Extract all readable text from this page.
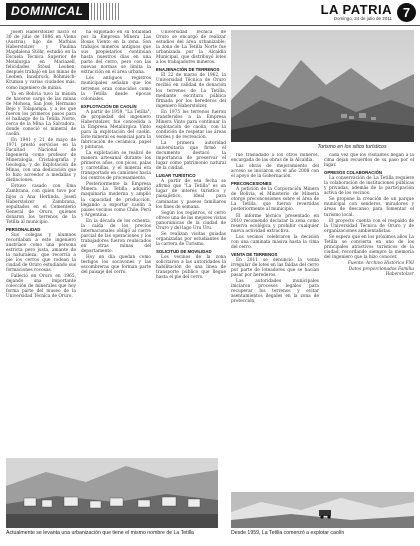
DOMINICAL	LA PATRIA
Domingo, 24 de julio de 2011 7

Josefi Haberstolzer nació el 30 de julio de 1886 en Viena (Austria), hijo de Mathias Haberstolzer y Paulina Magdalena Stöhr, estudió en la Escuela Técnica Superior de Metalurgia en Mariazell, felicidades Stössl Leoben; después trabajó en las minas de Leoben, Innsbruck, Böhmisch-Krumau y varias ciudades más, como ingeniero de minas.

Ya en Bolivia tuvo la misión de hacerse cargo de las minas de Mohosa, San José, Hermano Bejo y Tolapampa, y a los que fueron los primeros pasos para el hallazgo de la Tetilla Norte, cerca de la Mina La Salvadora, donde conoció el mineral de caolín.

En 1941 y 21 de mayo de 1971 prestó servicios en la Facultad Nacional de Ingeniería como profesor de Mineralogía, Cristalografía y Geología; y de Explotación de Minas, con una dedicación que lo hizo acreedor a medallas y distinciones.

Estuvo casado con Ema Zambrana, con quien tuvo por hijos a Ana Herlinda, Josefi Haberstolzer Zambrana, sepultados en el Cementerio General de Oruro, quienes donaron los terrenos de la Tetilla al municipio.

PERSONALIDAD

Sus colegas y alumnos recordaban a este ingeniero austríaco como una persona estricta pero justa, amante de la naturaleza, que recorría a pie los cerros que rodean la ciudad de Oruro estudiando sus formaciones rocosas.

Falleció en Oruro en 1965, dejando una importante colección de minerales que hoy forma parte del museo de la Universidad Técnica de Oruro.

ha explotado en su totalidad por la Empresa Minera Las Rosas Viento en la zona. Son trabajos mineros antiguos que sus propietarios continúan hasta nuestros días en una parte del cerro, pero con las nuevas normas se limita la extracción en el área urbana.

Los antiguos registros municipales señalan que los terrenos eran conocidos como la Tetilla desde épocas coloniales.

EXPLOTACIÓN DE CAOLÍN

A partir de 1959, "La Tetilla", de propiedad del ingeniero Haberstolzer, fue concedida a la Empresa Metalúrgica Vinto para la explotación del caolín. Este mineral es esencial para la fabricación de cerámica, papel y pinturas.

La explotación se realizó de manera artesanal durante los primeros años, con picos, palas y carretillas, y el mineral era transportado en camiones hacia los centros de procesamiento.

Posteriormente la Empresa Minera La Tetilla adquirió maquinaria moderna y amplió la capacidad de producción, llegando a exportar caolín a países vecinos como Chile, Perú y Argentina.

En la década de los ochenta, la caída de los precios internacionales obligó al cierre parcial de las operaciones y los trabajadores fueron reubicados en otras minas del departamento.

Hoy en día quedan como testigos los socavones y las escombreras que forman parte del paisaje del cerro.

Universidad Técnica de Oruro se encargó de realizar estudios del área urbanizable; la zona de La Tetilla Norte fue urbanizada por la Alcaldía Municipal, que distribuyó lotes a los trabajadores mineros.

ENAJENACIÓN DE TERRENOS

El 22 de marzo de 1962, la Universidad Técnica de Oruro recibió en calidad de donación los terrenos de La Tetilla, mediante escritura pública firmada por los herederos del ingeniero Haberstolzer.

En 1975 los terrenos fueron transferidos a la Empresa Minera Vinto para continuar la explotación de caolín, con la condición de respetar las áreas verdes y de recreación.

La primera autoridad universitaria que firmó el documento destacó la importancia de preservar el lugar como patrimonio natural de la ciudad.

LUGAR TURÍSTICO

A partir de esa fecha se afirmó que "La Tetilla" es un lugar de interés turístico y paisajístico, ideal para caminatas y paseos familiares los fines de semana.

Según los registros, el cerro ofrece una de las mejores vistas panorámicas de la ciudad de Oruro y del lago Uru Uru.

Se realizan visitas guiadas organizadas por estudiantes de la carrera de Turismo.

SOLICITUD DE MOVILIDAD

Los vecinos de la zona solicitaron a las autoridades la habilitación de una línea de transporte público que llegue hasta el pie del cerro.

Turismo en los sitios turísticos

fue trasladado a los otros mineros, encargada de las obras de la Alcaldía.

Las obras de mejoramiento del acceso se iniciaron en el año 2008 con el apoyo de la Gobernación.

PRECONCESIONES

A petición de la Corporación Minera de Bolivia, el Ministerio de Minería otorgó preconcesiones sobre el área de La Tetilla, que fueron revertidas posteriormente al municipio.

El informe técnico presentado en 2010 recomendó declarar la zona como reserva ecológica y prohibir cualquier nueva actividad extractiva.

Los vecinos celebraron la decisión con una caminata masiva hasta la cima del cerro.

VENTA DE TERRENOS

En 2011 se denunció la venta irregular de lotes en las faldas del cerro por parte de loteadores que se hacían pasar por herederos.

Las autoridades municipales iniciaron procesos legales para recuperar los terrenos y evitar asentamientos ilegales en la zona de protección.

cada vez que los visitantes llegan a la cima dejan recuerdos de su paso por el lugar.

OPRESOS COLABORACIÓN

La conservación de La Tetilla requiere la colaboración de instituciones públicas y privadas, además de la participación activa de los vecinos.

Se propone la creación de un parque municipal con senderos, miradores y áreas de descanso para fomentar el turismo local.

El proyecto cuenta con el respaldo de la Universidad Técnica de Oruro y de organizaciones ambientalistas.

Se espera que en los próximos años La Tetilla se convierta en uno de los principales atractivos turísticos de la ciudad, recordando siempre la memoria del ingeniero que la hizo conocer.

Fuente: Archivo Histórico FNI

Datos proporcionados Familia Haberstolzer

Actualmente se levanta una urbanización que tiene el mismo nombre de La Tetilla	Desde 1959, La Tetilla comenzó a explotar caolín
